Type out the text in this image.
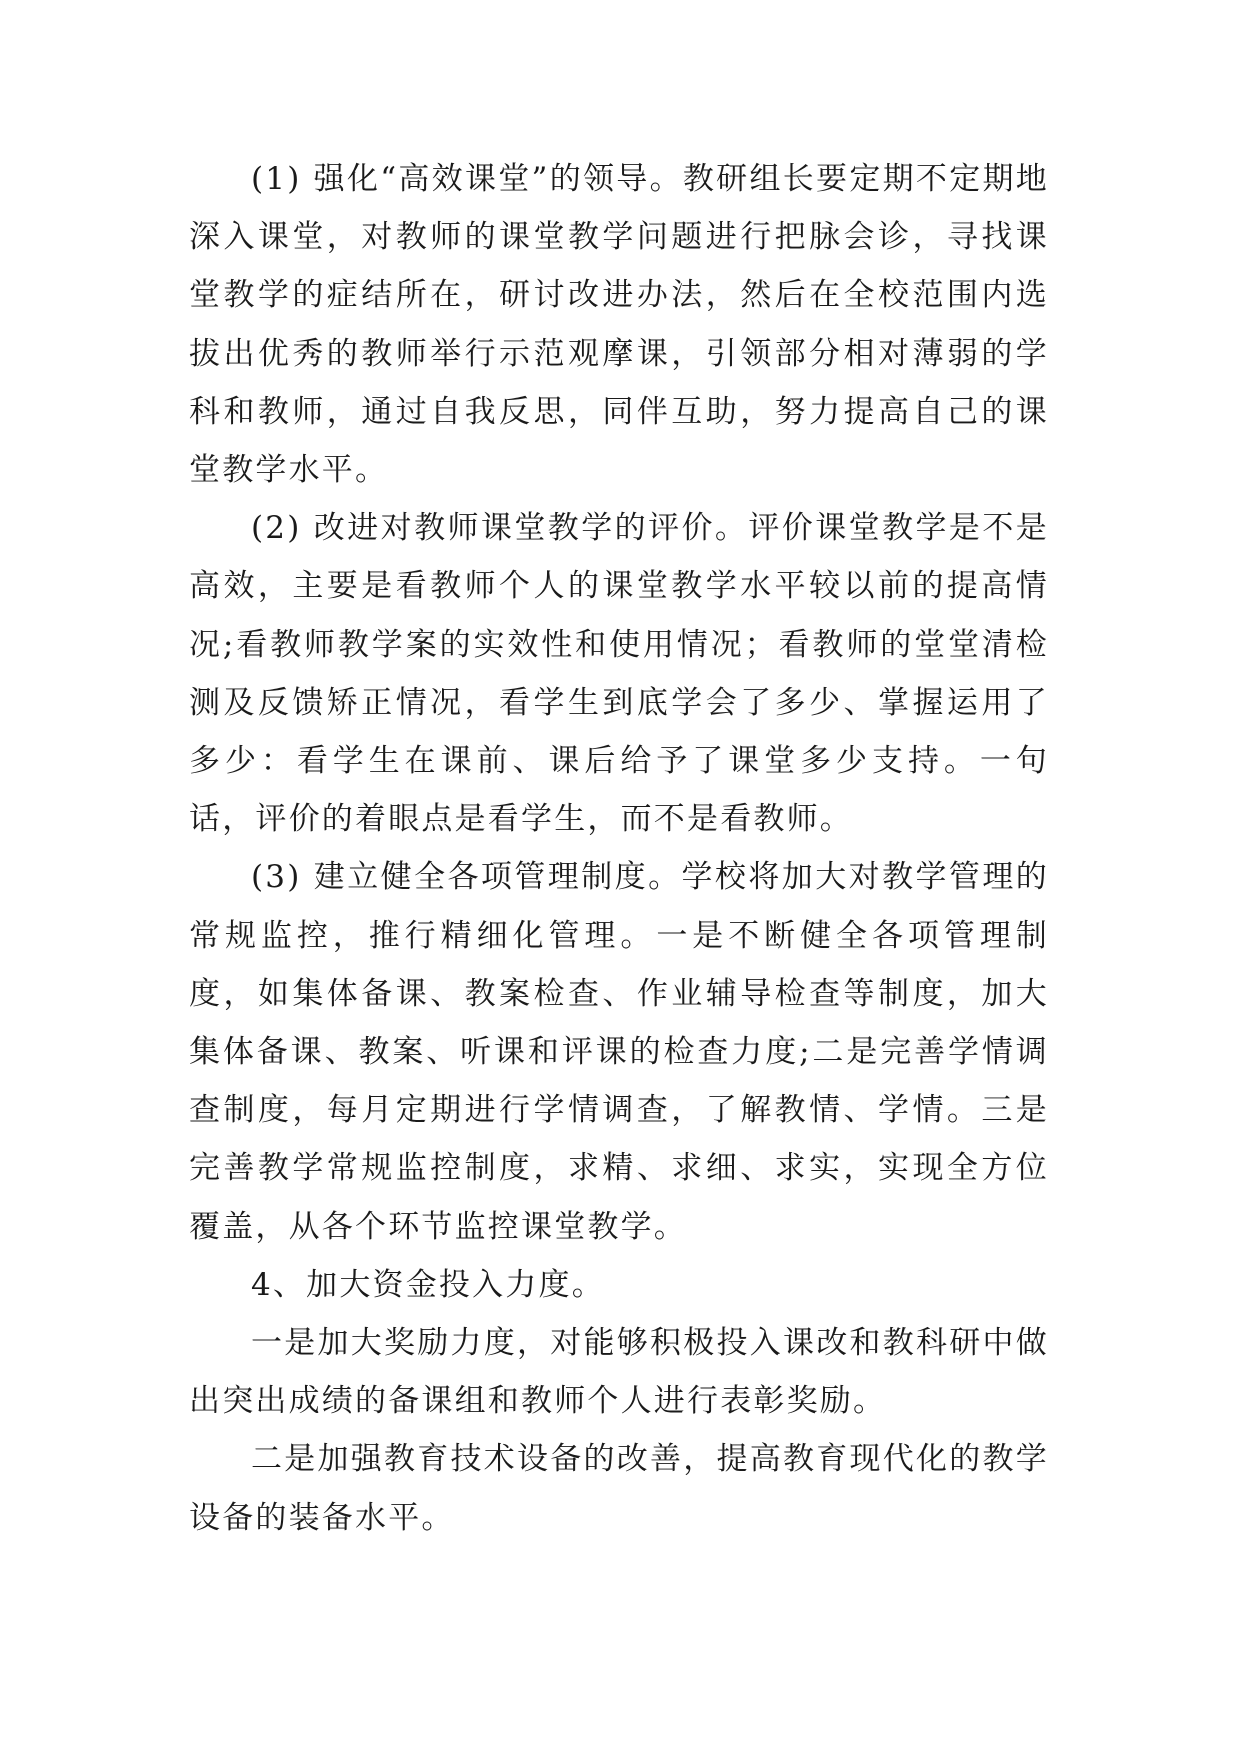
(1) 强化“高效课堂”的领导。教研组长要定期不定期地深入课堂，对教师的课堂教学问题进行把脉会诊，寻找课堂教学的症结所在，研讨改进办法，然后在全校范围内选拔出优秀的教师举行示范观摩课，引领部分相对薄弱的学科和教师，通过自我反思，同伴互助，努力提高自己的课堂教学水平。

(2) 改进对教师课堂教学的评价。评价课堂教学是不是高效，主要是看教师个人的课堂教学水平较以前的提高情况;看教师教学案的实效性和使用情况；看教师的堂堂清检测及反馈矫正情况，看学生到底学会了多少、掌握运用了多少：看学生在课前、课后给予了课堂多少支持。一句话，评价的着眼点是看学生，而不是看教师。

(3) 建立健全各项管理制度。学校将加大对教学管理的常规监控，推行精细化管理。一是不断健全各项管理制度，如集体备课、教案检查、作业辅导检查等制度，加大集体备课、教案、听课和评课的检查力度;二是完善学情调查制度，每月定期进行学情调查，了解教情、学情。三是完善教学常规监控制度，求精、求细、求实，实现全方位覆盖，从各个环节监控课堂教学。

4、加大资金投入力度。

一是加大奖励力度，对能够积极投入课改和教科研中做出突出成绩的备课组和教师个人进行表彰奖励。

二是加强教育技术设备的改善，提高教育现代化的教学设备的装备水平。
